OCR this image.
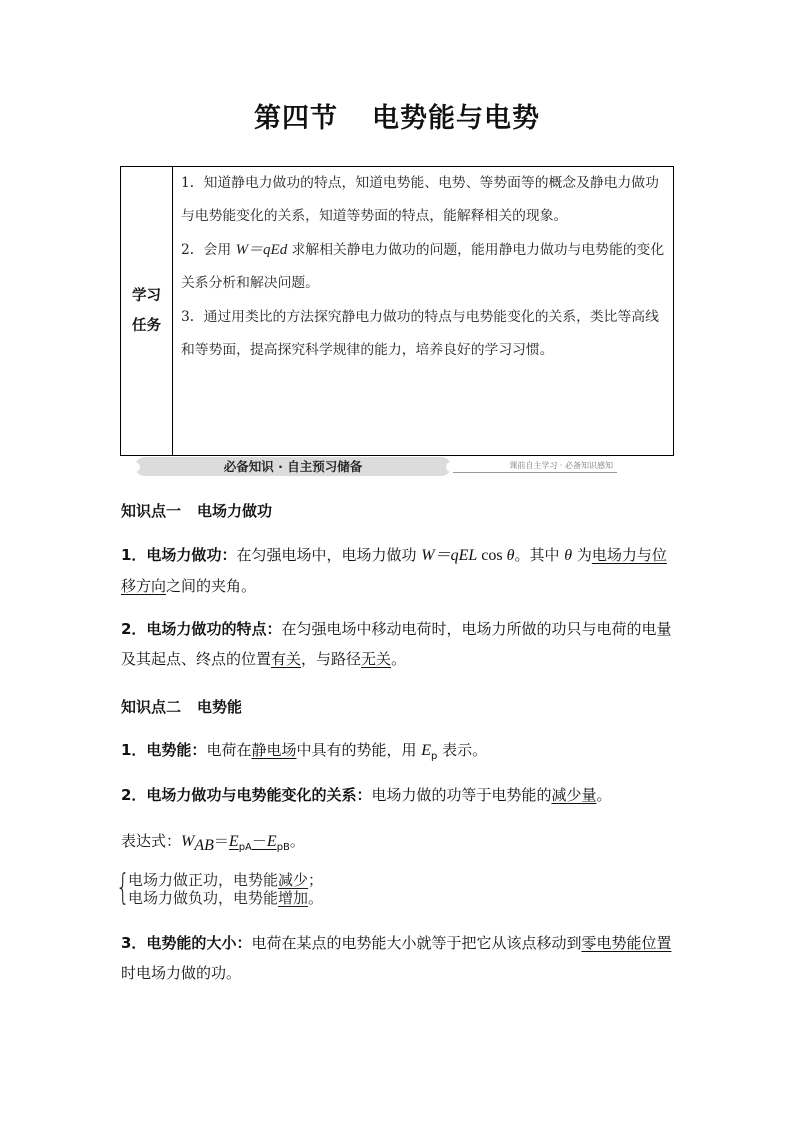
第四节 电势能与电势
学习
任务

1．知道静电力做功的特点，知道电势能、电势、等势面等的概念及静电力做功与电势能变化的关系，知道等势面的特点，能解释相关的现象。

2．会用 W＝qEd 求解相关静电力做功的问题，能用静电力做功与电势能的变化关系分析和解决问题。

3．通过用类比的方法探究静电力做功的特点与电势能变化的关系，类比等高线和等势面，提高探究科学规律的能力，培养良好的学习习惯。

必备知识 · 自主预习储备	课前自主学习 · 必备知识感知
知识点一 电场力做功
1．电场力做功：在匀强电场中，电场力做功 W＝qEL cos θ。其中 θ 为电场力与位移方向之间的夹角。
2．电场力做功的特点：在匀强电场中移动电荷时，电场力所做的功只与电荷的电量及其起点、终点的位置有关，与路径无关。
知识点二 电势能
1．电势能：电荷在静电场中具有的势能，用 $E_p$ 表示。
2．电场力做功与电势能变化的关系：电场力做的功等于电势能的减少量。
表达式：$W_{AB}=E_{pA}-E_{pB}$。
{
电场力做正功，电势能减少；
电场力做负功，电势能增加。
3．电势能的大小：电荷在某点的电势能大小就等于把它从该点移动到零电势能位置时电场力做的功。
